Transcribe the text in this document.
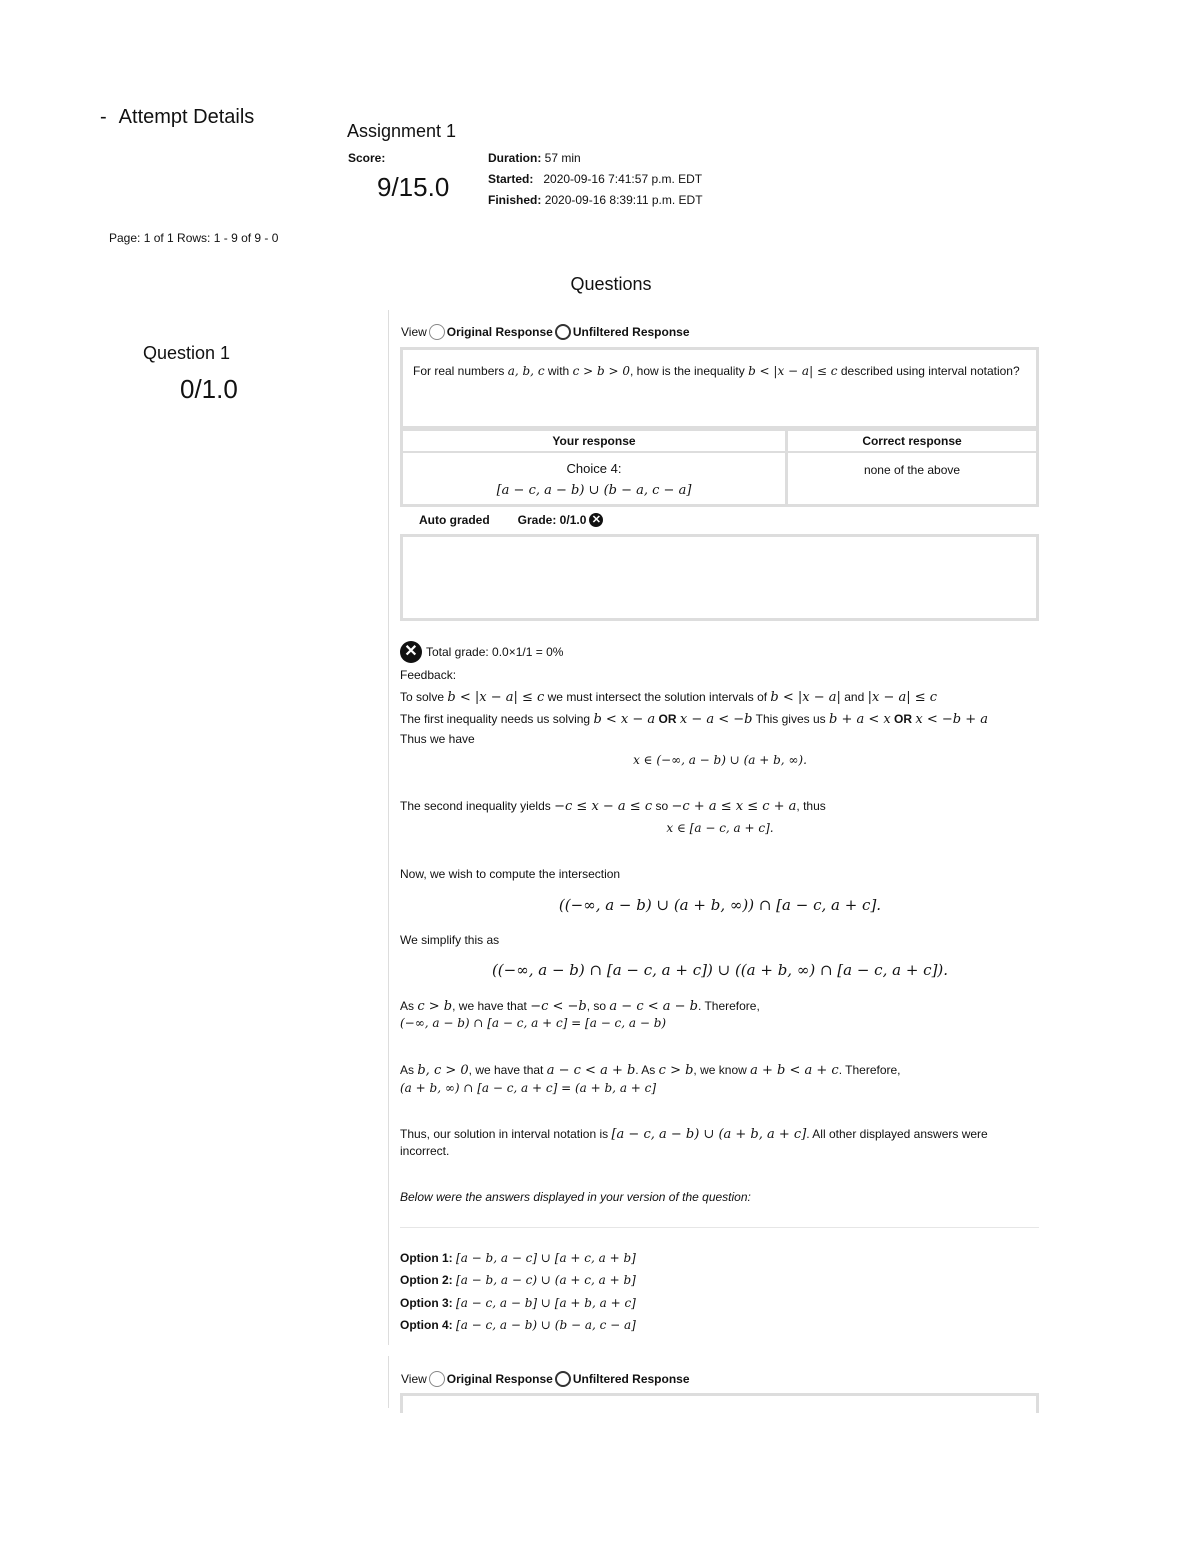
- Attempt Details
Assignment 1
Score:
9/15.0
Duration: 57 min
Started: 2020-09-16 7:41:57 p.m. EDT
Finished: 2020-09-16 8:39:11 p.m. EDT
Page: 1 of 1 Rows: 1 - 9 of 9 - 0
Questions
Question 1
0/1.0
View Original Response Unfiltered Response
For real numbers a, b, c with c > b > 0, how is the inequality b < |x − a| ≤ c described using interval notation?
Your response	Correct response
Choice 4:
[a − c, a − b) ∪ (b − a, c − a]
none of the above
Auto graded Grade: 0/1.0 ✕
✕ Total grade: 0.0×1/1 = 0%
Feedback:
To solve b < |x − a| ≤ c we must intersect the solution intervals of b < |x − a| and |x − a| ≤ c
The first inequality needs us solving b < x − a OR x − a < −b This gives us b + a < x OR x < −b + a
Thus we have
x ∈ (−∞, a − b) ∪ (a + b, ∞).
The second inequality yields −c ≤ x − a ≤ c so −c + a ≤ x ≤ c + a, thus
x ∈ [a − c, a + c].
Now, we wish to compute the intersection
((−∞, a − b) ∪ (a + b, ∞)) ∩ [a − c, a + c].
We simplify this as
((−∞, a − b) ∩ [a − c, a + c]) ∪ ((a + b, ∞) ∩ [a − c, a + c]).
As c > b, we have that −c < −b, so a − c < a − b. Therefore,
(−∞, a − b) ∩ [a − c, a + c] = [a − c, a − b)
As b, c > 0, we have that a − c < a + b. As c > b, we know a + b < a + c. Therefore,
(a + b, ∞) ∩ [a − c, a + c] = (a + b, a + c]
Thus, our solution in interval notation is [a − c, a − b) ∪ (a + b, a + c]. All other displayed answers were incorrect.
Below were the answers displayed in your version of the question:
Option 1: [a − b, a − c] ∪ [a + c, a + b]
Option 2: [a − b, a − c) ∪ (a + c, a + b]
Option 3: [a − c, a − b] ∪ [a + b, a + c]
Option 4: [a − c, a − b) ∪ (b − a, c − a]
View Original Response Unfiltered Response
